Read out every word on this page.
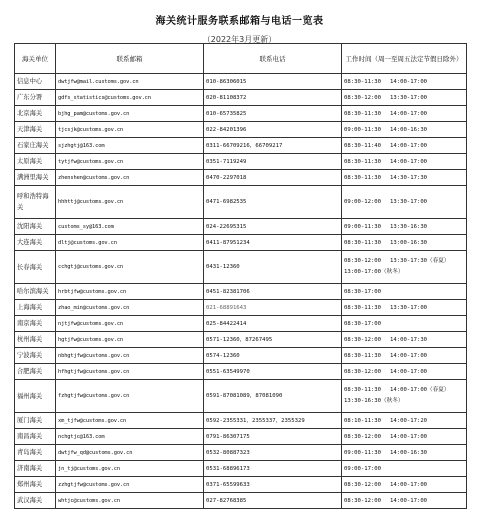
海关统计服务联系邮箱与电话一览表
（2022年3月更新）
海关单位	联系邮箱	联系电话	工作时间（周一至周五法定节假日除外）
信息中心	dwtjfw@mail.customs.gov.cn	010-86306015	08:30-11:30　 14:00-17:00
广东分署	gdfs_statistics@customs.gov.cn	020-81108372	08:30-12:00　 13:30-17:00
北京海关	bjhg_pam@customs.gov.cn	010-65735825	08:30-11:30　 14:00-17:00
天津海关	tjcsjk@customs.gov.cn	022-84201396	09:00-11:30　 14:00-16:30
石家庄海关	sjzhgtj@163.com	0311-66709216，66709217	08:30-11:40　 14:00-17:00
太原海关	tytjfw@customs.gov.cn	0351-7119249	08:30-11:30　 14:00-17:00
满洲里海关	zhenshen@customs.gov.cn	0470-2297018	08:30-11:30　 14:30-17:30
呼和浩特海关	hhhttj@customs.gov.cn	0471-6982535	09:00-12:00　 13:30-17:00
沈阳海关	customs_sy@163.com	024-22695315	09:00-11:30　 13:30-16:30
大连海关	dltj@customs.gov.cn	0411-87951234	08:30-11:30　 13:00-16:30
长春海关	cchgtj@customs.gov.cn	0431-12360	08:30-12:00　 13:30-17:30（春夏）13:00-17:00（秋冬）
哈尔滨海关	hrbtjfw@customs.gov.cn	0451-82381706	08:30-17:00
上海海关	zhao_min@customs.gov.cn	021-68891643	08:30-11:30　 13:30-17:00
南京海关	njtjfw@customs.gov.cn	025-84422414	08:30-17:00
杭州海关	hgtjfw@customs.gov.cn	0571-12360，87267495	08:30-12:00　 14:00-17:30
宁波海关	nbhgtjfw@customs.gov.cn	0574-12360	08:30-11:30　 14:00-17:00
合肥海关	hfhgtjfw@customs.gov.cn	0551-63549970	08:30-12:00　 14:00-17:00
福州海关	fzhgtjfw@customs.gov.cn	0591-87081089，87081090	08:30-11:30　 14:00-17:00（春夏）13:30-16:30（秋冬）
厦门海关	xm_tjfw@customs.gov.cn	0592-2355331，2355337，2355329	08:10-11:30　 14:00-17:20
南昌海关	nchgtjc@163.com	0791-86307175	08:30-12:00　 14:00-17:00
青岛海关	dwtjfw_qd@customs.gov.cn	0532-80887323	09:00-11:30　 14:00-16:30
济南海关	jn_tj@customs.gov.cn	0531-68896173	09:00-17:00
郑州海关	zzhgtjfw@customs.gov.cn	0371-65599633	08:30-12:00　 14:00-17:00
武汉海关	whtjc@customs.gov.cn	027-82768385	08:30-12:00　 14:00-17:00
